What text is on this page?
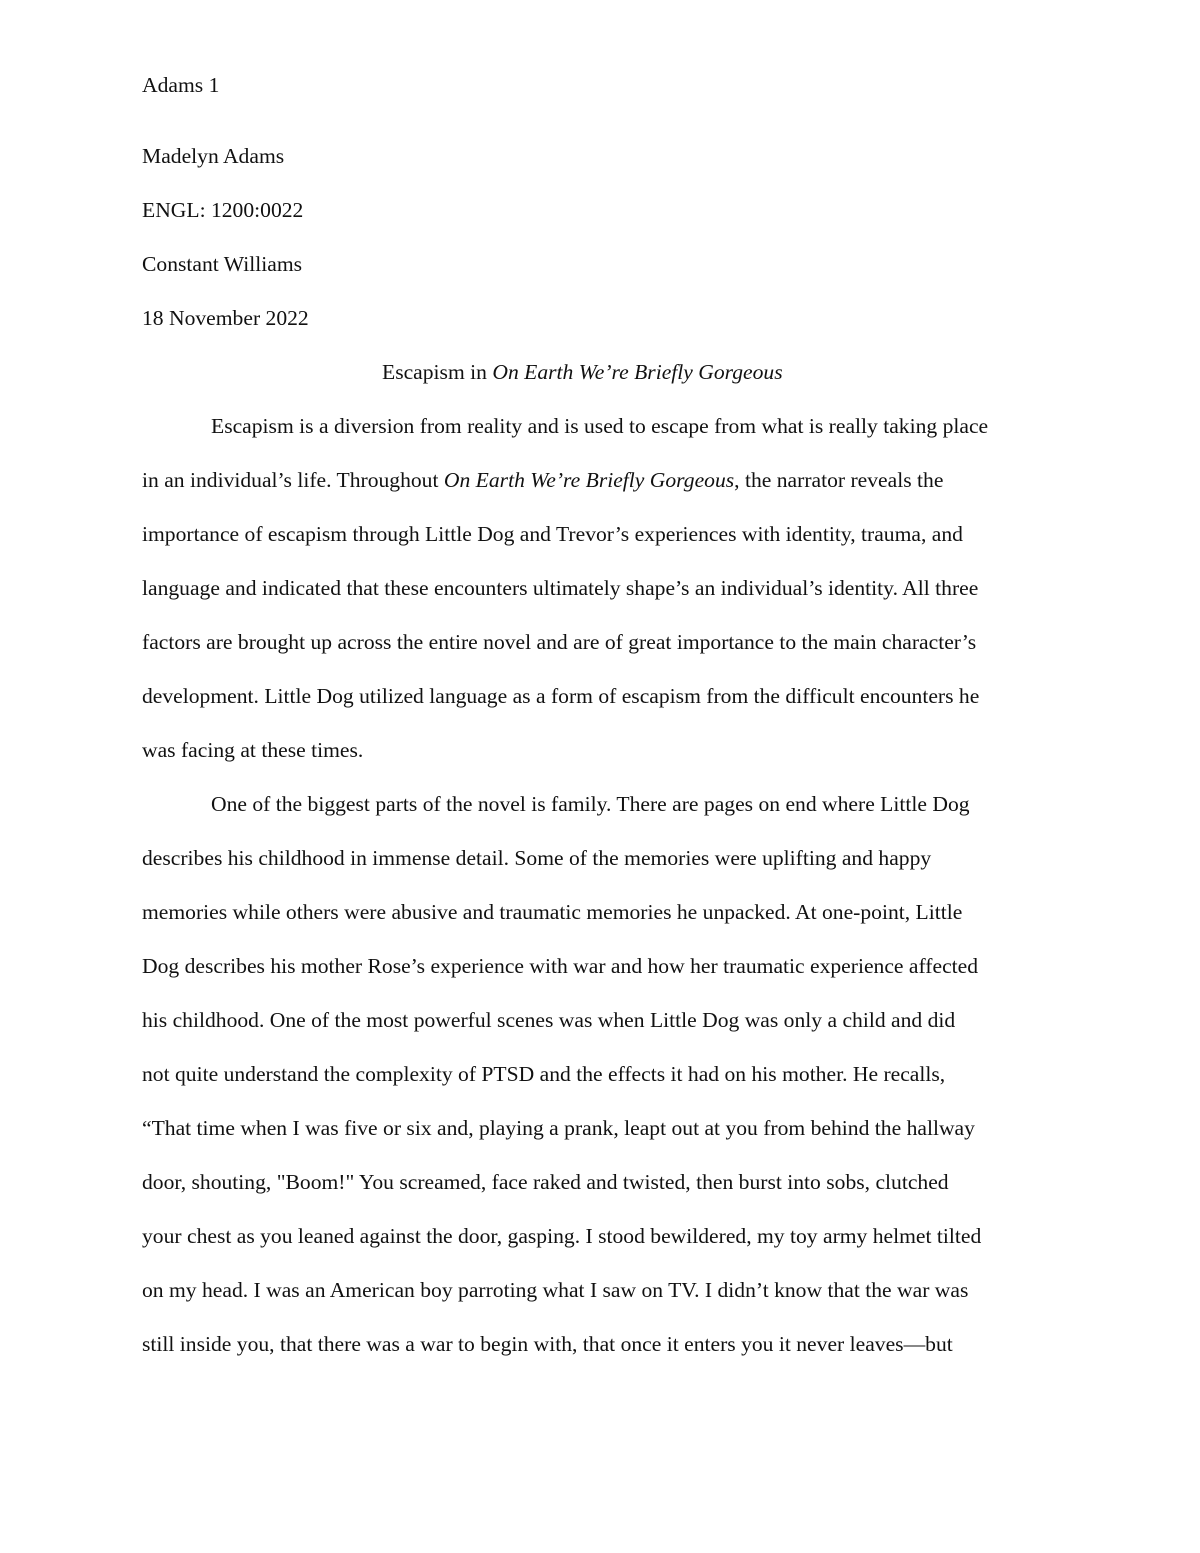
Adams 1

Madelyn Adams

ENGL: 1200:0022

Constant Williams

18 November 2022

Escapism in On Earth We’re Briefly Gorgeous

Escapism is a diversion from reality and is used to escape from what is really taking place

in an individual’s life. Throughout On Earth We’re Briefly Gorgeous, the narrator reveals the

importance of escapism through Little Dog and Trevor’s experiences with identity, trauma, and

language and indicated that these encounters ultimately shape’s an individual’s identity. All three

factors are brought up across the entire novel and are of great importance to the main character’s

development. Little Dog utilized language as a form of escapism from the difficult encounters he

was facing at these times.

One of the biggest parts of the novel is family. There are pages on end where Little Dog

describes his childhood in immense detail. Some of the memories were uplifting and happy

memories while others were abusive and traumatic memories he unpacked. At one-point, Little

Dog describes his mother Rose’s experience with war and how her traumatic experience affected

his childhood. One of the most powerful scenes was when Little Dog was only a child and did

not quite understand the complexity of PTSD and the effects it had on his mother. He recalls,

“That time when I was five or six and, playing a prank, leapt out at you from behind the hallway

door, shouting, "Boom!" You screamed, face raked and twisted, then burst into sobs, clutched

your chest as you leaned against the door, gasping. I stood bewildered, my toy army helmet tilted

on my head. I was an American boy parroting what I saw on TV. I didn’t know that the war was

still inside you, that there was a war to begin with, that once it enters you it never leaves—but
